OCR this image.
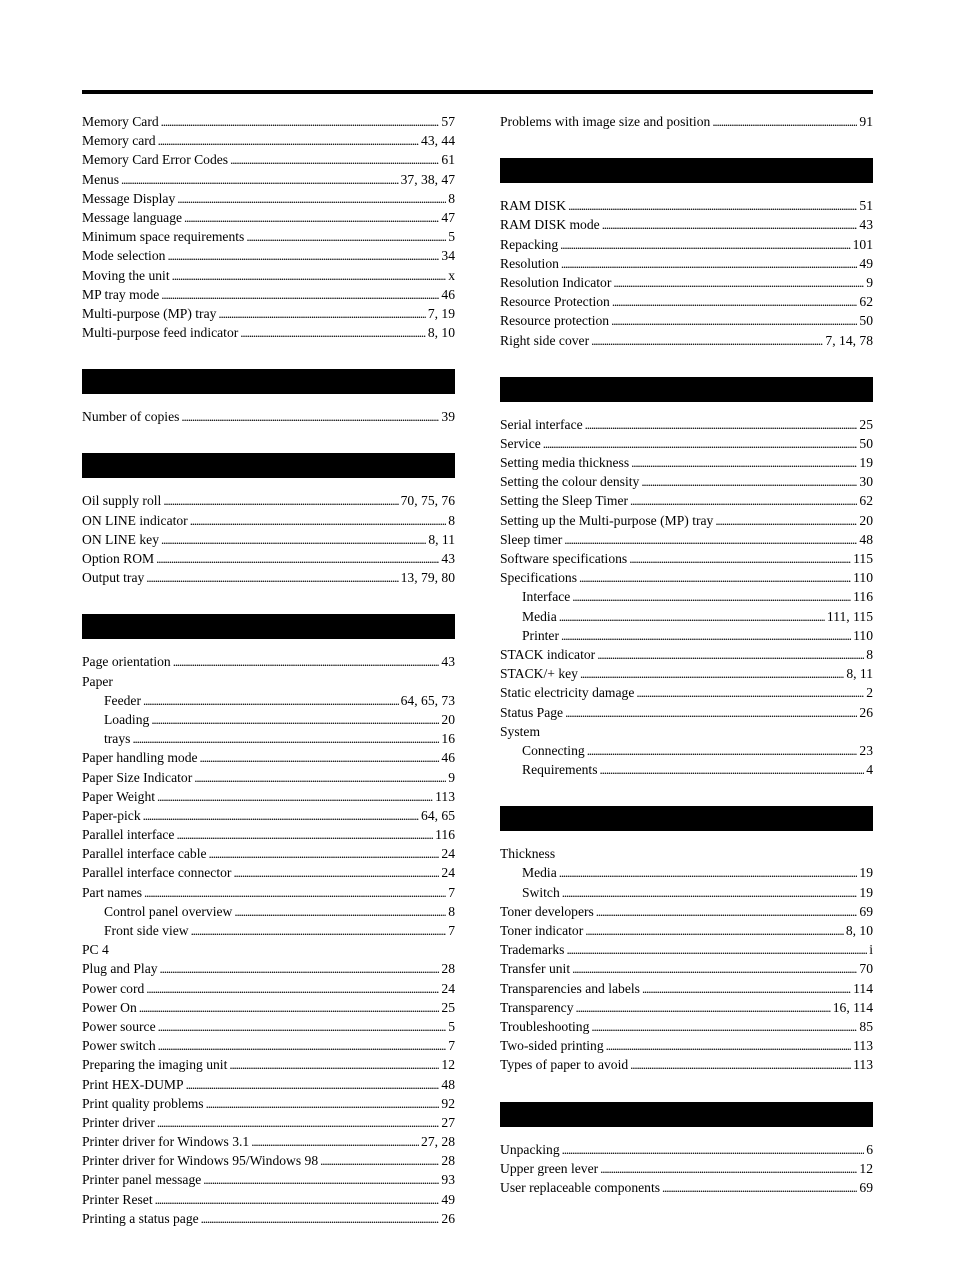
Memory Card . . .	57
Memory card . . .	43, 44
Memory Card Error Codes . . .	61
Menus . . .	37, 38, 47
Message Display . . .	8
Message language . . .	47
Minimum space requirements . . .	5
Mode selection . . .	34
Moving the unit . . .	x
MP tray mode . . .	46
Multi-purpose (MP) tray . . .	7, 19
Multi-purpose feed indicator . . .	8, 10
Number of copies . . .	39
Oil supply roll . . .	70, 75, 76
ON LINE indicator . . .	8
ON LINE key . . .	8, 11
Option ROM . . .	43
Output tray . . .	13, 79, 80
Page orientation . . .	43
Paper
Feeder . . .	64, 65, 73
Loading . . .	20
trays . . .	16
Paper handling mode . . .	46
Paper Size Indicator . . .	9
Paper Weight . . .	113
Paper-pick . . .	64, 65
Parallel interface . . .	116
Parallel interface cable . . .	24
Parallel interface connector . . .	24
Part names . . .	7
Control panel overview . . .	8
Front side view . . .	7
PC 4
Plug and Play . . .	28
Power cord . . .	24
Power On . . .	25
Power source . . .	5
Power switch . . .	7
Preparing the imaging unit . . .	12
Print HEX-DUMP . . .	48
Print quality problems . . .	92
Printer driver . . .	27
Printer driver for Windows 3.1 . . .	27, 28
Printer driver for Windows 95/Windows 98 . . .	28
Printer panel message . . .	93
Printer Reset . . .	49
Printing a status page . . .	26
Problems with image size and position . . .	91
RAM DISK . . .	51
RAM DISK mode . . .	43
Repacking . . .	101
Resolution . . .	49
Resolution Indicator . . .	9
Resource Protection . . .	62
Resource protection . . .	50
Right side cover . . .	7, 14, 78
Serial interface . . .	25
Service . . .	50
Setting media thickness . . .	19
Setting the colour density . . .	30
Setting the Sleep Timer . . .	62
Setting up the Multi-purpose (MP) tray . . .	20
Sleep timer . . .	48
Software specifications . . .	115
Specifications . . .	110
Interface . . .	116
Media . . .	111, 115
Printer . . .	110
STACK indicator . . .	8
STACK/+ key . . .	8, 11
Static electricity damage . . .	2
Status Page . . .	26
System
Connecting . . .	23
Requirements . . .	4
Thickness
Media . . .	19
Switch . . .	19
Toner developers . . .	69
Toner indicator . . .	8, 10
Trademarks . . .	i
Transfer unit . . .	70
Transparencies and labels . . .	114
Transparency . . .	16, 114
Troubleshooting . . .	85
Two-sided printing . . .	113
Types of paper to avoid . . .	113
Unpacking . . .	6
Upper green lever . . .	12
User replaceable components . . .	69
